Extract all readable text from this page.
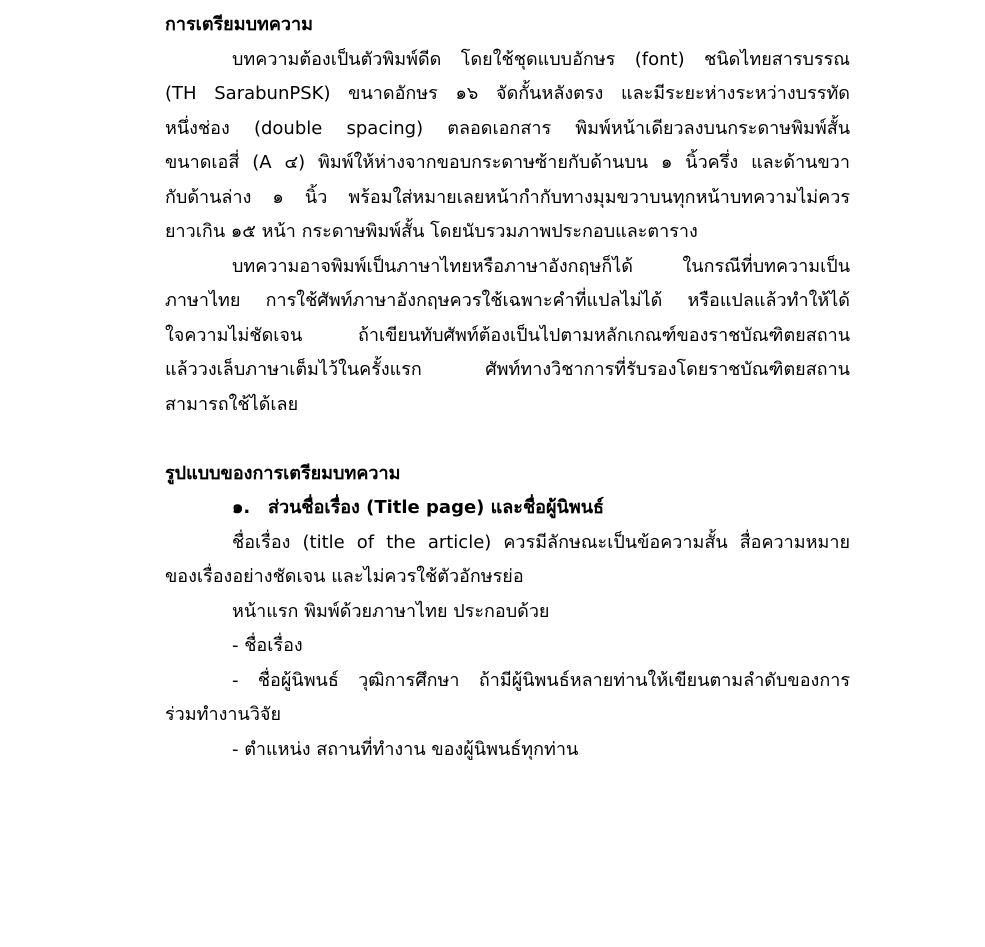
การเตรียมบทความ
บทความต้องเป็นตัวพิมพ์ดีด โดยใช้ชุดแบบอักษร (font) ชนิดไทยสารบรรณ
(TH SarabunPSK) ขนาดอักษร ๑๖ จัดกั้นหลังตรง และมีระยะห่างระหว่างบรรทัด
หนึ่งช่อง (double spacing) ตลอดเอกสาร พิมพ์หน้าเดียวลงบนกระดาษพิมพ์สั้น
ขนาดเอสี่ (A ๔) พิมพ์ให้ห่างจากขอบกระดาษซ้ายกับด้านบน ๑ นิ้วครึ่ง และด้านขวา
กับด้านล่าง ๑ นิ้ว พร้อมใส่หมายเลยหน้ากำกับทางมุมขวาบนทุกหน้าบทความไม่ควร
ยาวเกิน ๑๕ หน้า กระดาษพิมพ์สั้น โดยนับรวมภาพประกอบและตาราง
บทความอาจพิมพ์เป็นภาษาไทยหรือภาษาอังกฤษก็ได้ ในกรณีที่บทความเป็น
ภาษาไทย การใช้ศัพท์ภาษาอังกฤษควรใช้เฉพาะคำที่แปลไม่ได้ หรือแปลแล้วทำให้ได้
ใจความไม่ชัดเจน ถ้าเขียนทับศัพท์ต้องเป็นไปตามหลักเกณฑ์ของราชบัณฑิตยสถาน
แล้ววงเล็บภาษาเต็มไว้ในครั้งแรก ศัพท์ทางวิชาการที่รับรองโดยราชบัณฑิตยสถาน
สามารถใช้ได้เลย
รูปแบบของการเตรียมบทความ
๑. ส่วนชื่อเรื่อง (Title page) และชื่อผู้นิพนธ์
ชื่อเรื่อง (title of the article) ควรมีลักษณะเป็นข้อความสั้น สื่อความหมาย
ของเรื่องอย่างชัดเจน และไม่ควรใช้ตัวอักษรย่อ
หน้าแรก พิมพ์ด้วยภาษาไทย ประกอบด้วย
- ชื่อเรื่อง
- ชื่อผู้นิพนธ์ วุฒิการศึกษา ถ้ามีผู้นิพนธ์หลายท่านให้เขียนตามลำดับของการ
ร่วมทำงานวิจัย
- ตำแหน่ง สถานที่ทำงาน ของผู้นิพนธ์ทุกท่าน
